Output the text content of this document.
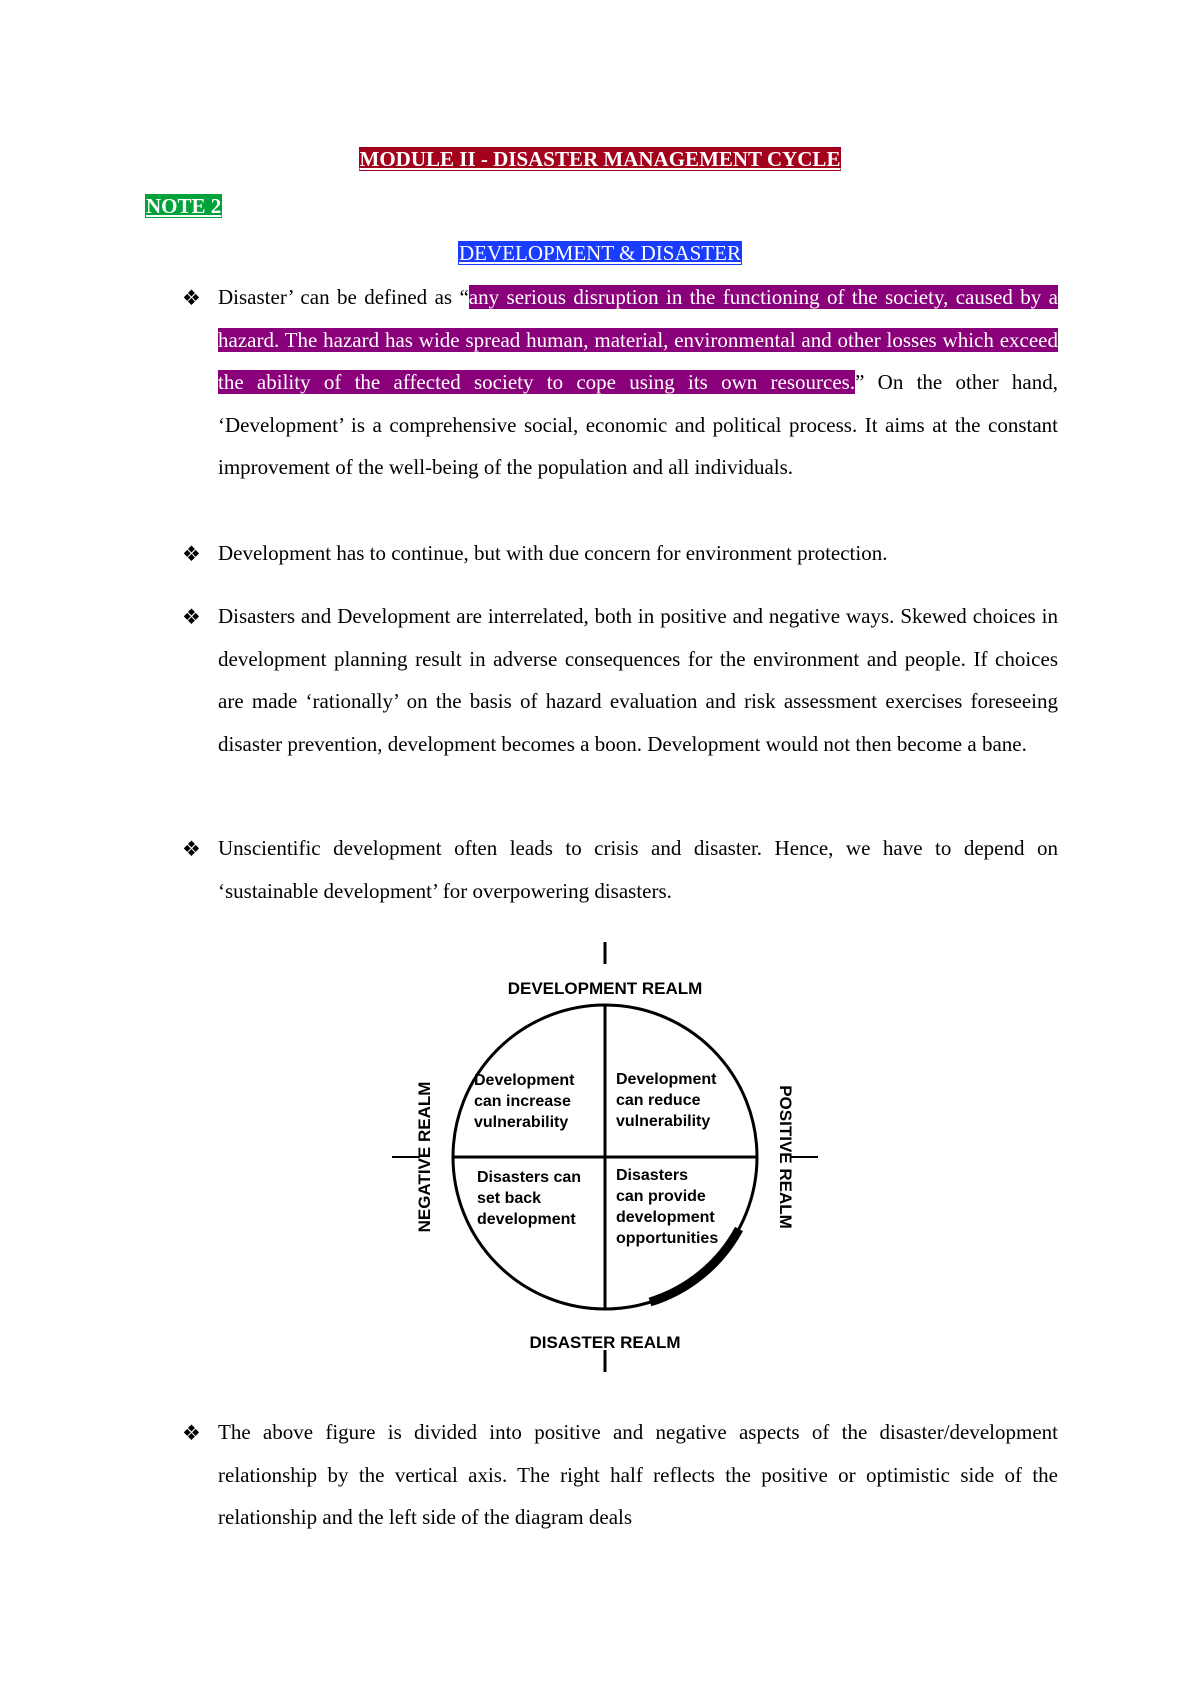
MODULE II - DISASTER MANAGEMENT CYCLE
NOTE 2
DEVELOPMENT & DISASTER
❖ Disaster’ can be defined as “any serious disruption in the functioning of the society, caused by a hazard. The hazard has wide spread human, material, environmental and other losses which exceed the ability of the affected society to cope using its own resources.” On the other hand, ‘Development’ is a comprehensive social, economic and political process. It aims at the constant improvement of the well-being of the population and all individuals.

❖ Development has to continue, but with due concern for environment protection.

❖ Disasters and Development are interrelated, both in positive and negative ways. Skewed choices in development planning result in adverse consequences for the environment and people. If choices are made ‘rationally’ on the basis of hazard evaluation and risk assessment exercises foreseeing disaster prevention, development becomes a boon. Development would not then become a bane.

❖ Unscientific development often leads to crisis and disaster. Hence, we have to depend on ‘sustainable development’ for overpowering disasters.

DEVELOPMENT REALM
DISASTER REALM
NEGATIVE REALM	POSITIVE REALM
Development
can increase
vulnerability
Development
can reduce
vulnerability
Disasters can
set back
development
Disasters
can provide
development
opportunities
❖ The above figure is divided into positive and negative aspects of the disaster/development relationship by the vertical axis. The right half reflects the positive or optimistic side of the relationship and the left side of the diagram deals
